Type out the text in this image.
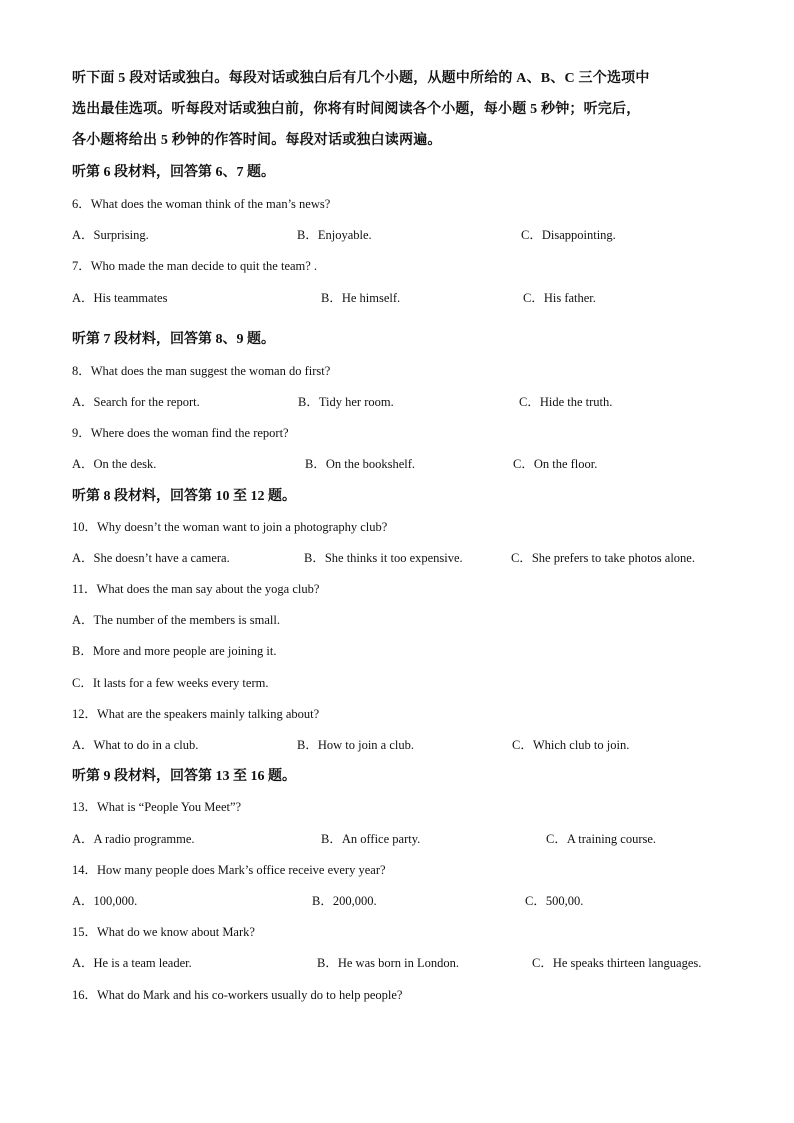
听下面 5 段对话或独白。每段对话或独白后有几个小题，从题中所给的 A、B、C 三个选项中
选出最佳选项。听每段对话或独白前，你将有时间阅读各个小题，每小题 5 秒钟；听完后，
各小题将给出 5 秒钟的作答时间。每段对话或独白读两遍。
听第 6 段材料，回答第 6、7 题。
6．What does the woman think of the man’s news?
A．Surprising.	B．Enjoyable.	C．Disappointing.
7．Who made the man decide to quit the team? .
A．His teammates	B．He himself.	C．His father.
听第 7 段材料，回答第 8、9 题。
8．What does the man suggest the woman do first?
A．Search for the report.	B．Tidy her room.	C．Hide the truth.
9．Where does the woman find the report?
A．On the desk.	B．On the bookshelf.	C．On the floor.
听第 8 段材料，回答第 10 至 12 题。
10．Why doesn’t the woman want to join a photography club?
A．She doesn’t have a camera.	B．She thinks it too expensive.	C．She prefers to take photos alone.
11．What does the man say about the yoga club?
A．The number of the members is small.
B．More and more people are joining it.
C．It lasts for a few weeks every term.
12．What are the speakers mainly talking about?
A．What to do in a club.	B．How to join a club.	C．Which club to join.
听第 9 段材料，回答第 13 至 16 题。
13．What is “People You Meet”?
A．A radio programme.	B．An office party.	C．A training course.
14．How many people does Mark’s office receive every year?
A．100,000.	B．200,000.	C．500,00.
15．What do we know about Mark?
A．He is a team leader.	B．He was born in London.	C．He speaks thirteen languages.
16．What do Mark and his co-workers usually do to help people?
